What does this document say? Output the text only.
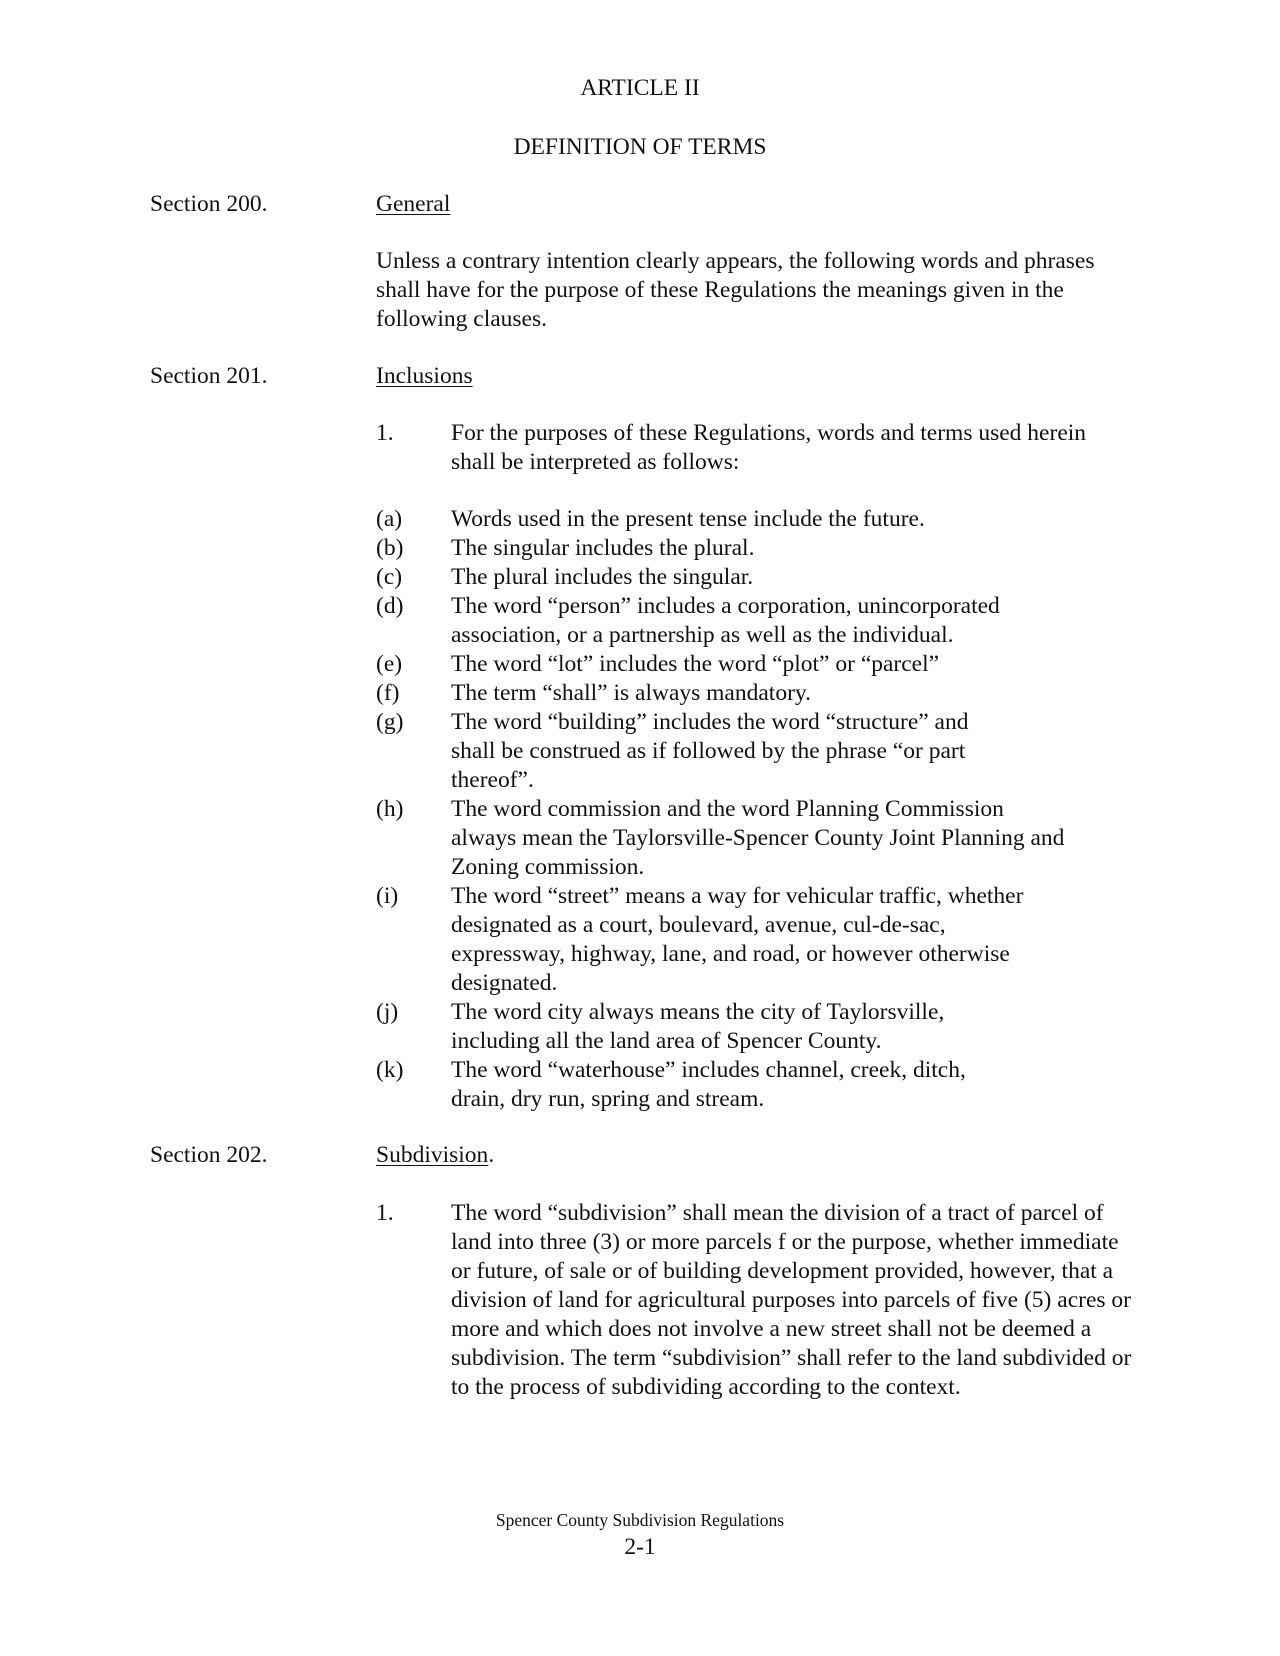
ARTICLE II
DEFINITION OF TERMS
Section 200.	General

Unless a contrary intention clearly appears, the following words and phrases shall have for the purpose of these Regulations the meanings given in the following clauses.

Section 201.	Inclusions
1. For the purposes of these Regulations, words and terms used herein shall be interpreted as follows:

(a) Words used in the present tense include the future.

(b) The singular includes the plural.

(c) The plural includes the singular.

(d) The word “person” includes a corporation, unincorporated association, or a partnership as well as the individual.

(e) The word “lot” includes the word “plot” or “parcel”

(f) The term “shall” is always mandatory.

(g) The word “building” includes the word “structure” and shall be construed as if followed by the phrase “or part thereof”.

(h) The word commission and the word Planning Commission always mean the Taylorsville-Spencer County Joint Planning and Zoning commission.

(i) The word “street” means a way for vehicular traffic, whether designated as a court, boulevard, avenue, cul-de-sac, expressway, highway, lane, and road, or however otherwise designated.

(j) The word city always means the city of Taylorsville, including all the land area of Spencer County.

(k) The word “waterhouse” includes channel, creek, ditch, drain, dry run, spring and stream.

Section 202.	Subdivision.
1. The word “subdivision” shall mean the division of a tract of parcel of land into three (3) or more parcels f or the purpose, whether immediate or future, of sale or of building development provided, however, that a division of land for agricultural purposes into parcels of five (5) acres or more and which does not involve a new street shall not be deemed a subdivision. The term “subdivision” shall refer to the land subdivided or to the process of subdividing according to the context.

Spencer County Subdivision Regulations
2-1
